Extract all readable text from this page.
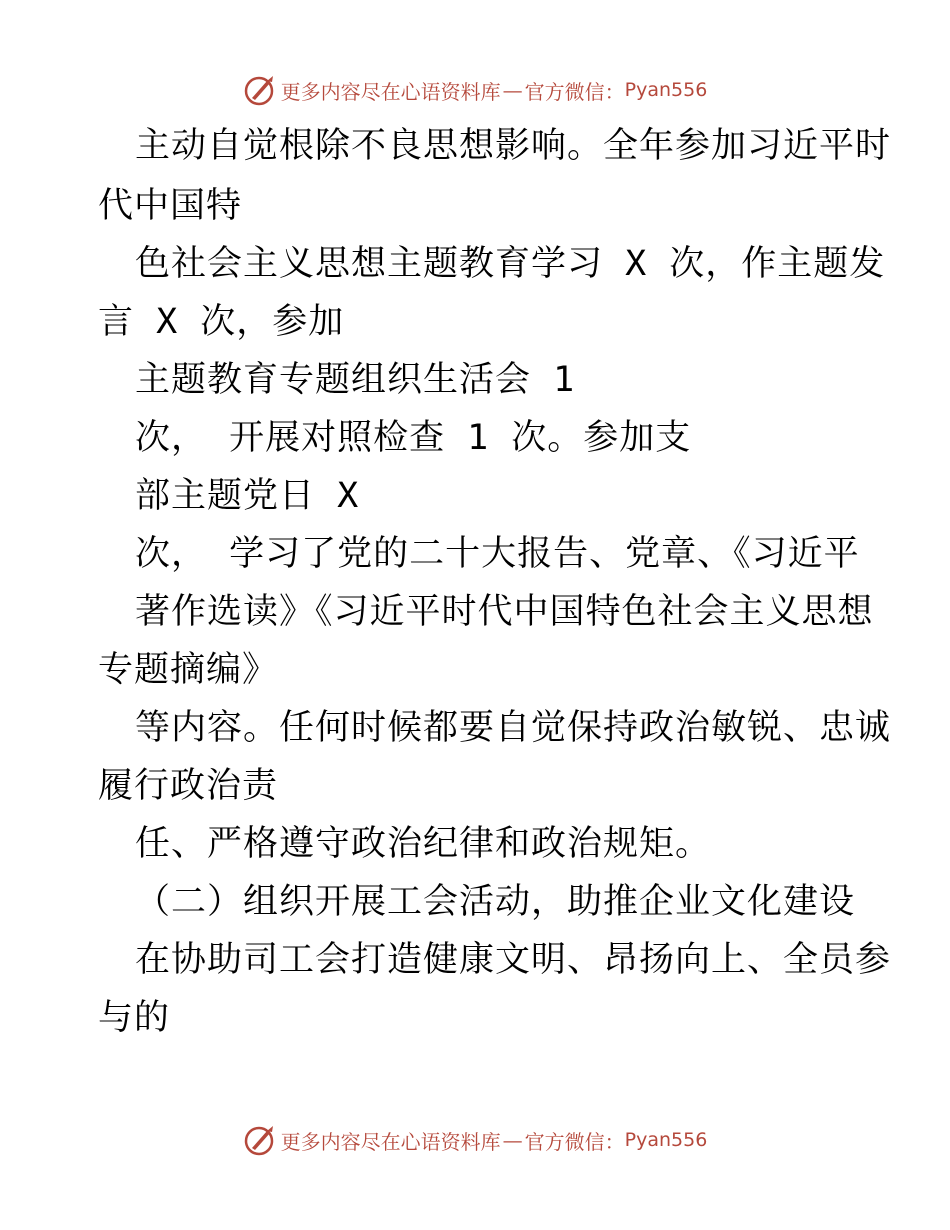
更多内容尽在心语资料库 — 官方微信： Pyan556
主动自觉根除不良思想影响。全年参加习近平时
代中国特
色社会主义思想主题教育学习 X 次，作主题发
言 X 次，参加
主题教育专题组织生活会 1
次， 开展对照检查 1 次。参加支
部主题党日 X
次， 学习了党的二十大报告、党章、《习近平
著作选读》《习近平时代中国特色社会主义思想
专题摘编》
等内容。任何时候都要自觉保持政治敏锐、忠诚
履行政治责
任、严格遵守政治纪律和政治规矩。
（二）组织开展工会活动，助推企业文化建设
在协助司工会打造健康文明、昂扬向上、全员参
与的
更多内容尽在心语资料库 — 官方微信： Pyan556
